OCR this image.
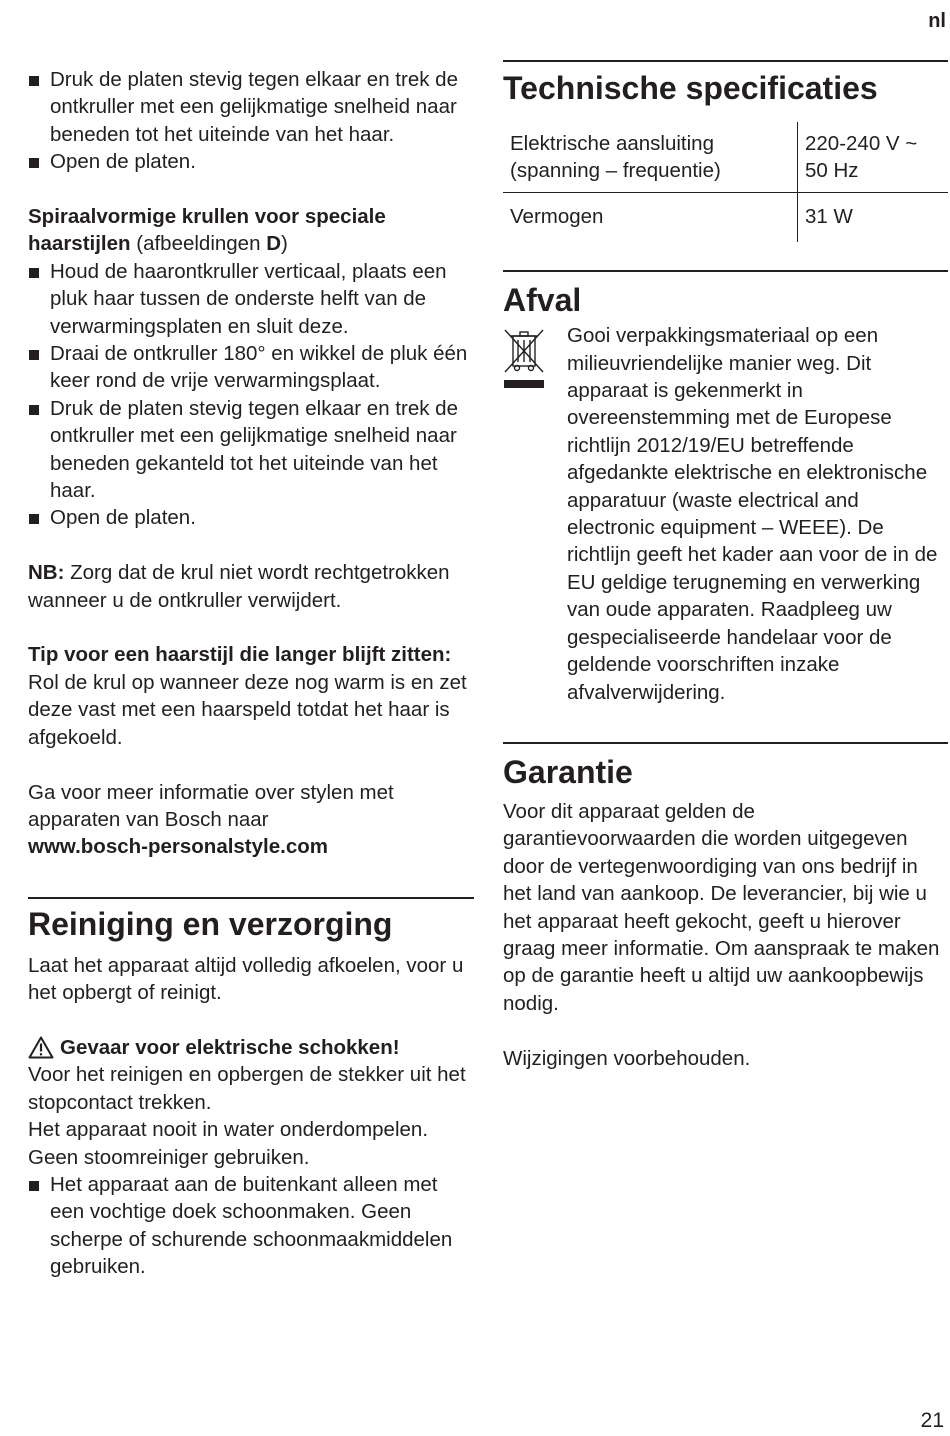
nl
Druk de platen stevig tegen elkaar en trek de ontkruller met een gelijkmatige snelheid naar beneden tot het uiteinde van het haar.
Open de platen.

Spiraalvormige krullen voor speciale haarstijlen (afbeeldingen D)

Houd de haarontkruller verticaal, plaats een pluk haar tussen de onderste helft van de verwarmingsplaten en sluit deze.
Draai de ontkruller 180° en wikkel de pluk één keer rond de vrije verwarmingsplaat.
Druk de platen stevig tegen elkaar en trek de ontkruller met een gelijkmatige snelheid naar beneden gekanteld tot het uiteinde van het haar.
Open de platen.

NB: Zorg dat de krul niet wordt rechtgetrokken wanneer u de ontkruller verwijdert.

Tip voor een haarstijl die langer blijft zitten: Rol de krul op wanneer deze nog warm is en zet deze vast met een haarspeld totdat het haar is afgekoeld.

Ga voor meer informatie over stylen met apparaten van Bosch naar

www.bosch-personalstyle.com

Reiniging en verzorging

Laat het apparaat altijd volledig afkoelen, voor u het opbergt of reinigt.

Gevaar voor elektrische schokken!

Voor het reinigen en opbergen de stekker uit het stopcontact trekken.

Het apparaat nooit in water onderdompelen.

Geen stoomreiniger gebruiken.

Het apparaat aan de buitenkant alleen met een vochtige doek schoonmaken. Geen scherpe of schurende schoonmaakmiddelen gebruiken.
Technische specificaties
Elektrische aansluiting (spanning – frequentie)	220-240 V ~ 50 Hz
Vermogen	31 W
Afval

Gooi verpakkingsmateriaal op een milieuvriendelijke manier weg. Dit apparaat is gekenmerkt in overeenstemming met de Europese richtlijn 2012/19/EU betreffende afgedankte elektrische en elektronische apparatuur (waste electrical and electronic equipment – WEEE). De richtlijn geeft het kader aan voor de in de EU geldige terugneming en verwerking van oude apparaten. Raadpleeg uw gespecialiseerde handelaar voor de geldende voorschriften inzake afvalverwijdering.

Garantie

Voor dit apparaat gelden de garantievoorwaarden die worden uitgegeven door de vertegenwoordiging van ons bedrijf in het land van aankoop. De leverancier, bij wie u het apparaat heeft gekocht, geeft u hierover graag meer informatie. Om aanspraak te maken op de garantie heeft u altijd uw aankoopbewijs nodig.

Wijzigingen voorbehouden.

21
